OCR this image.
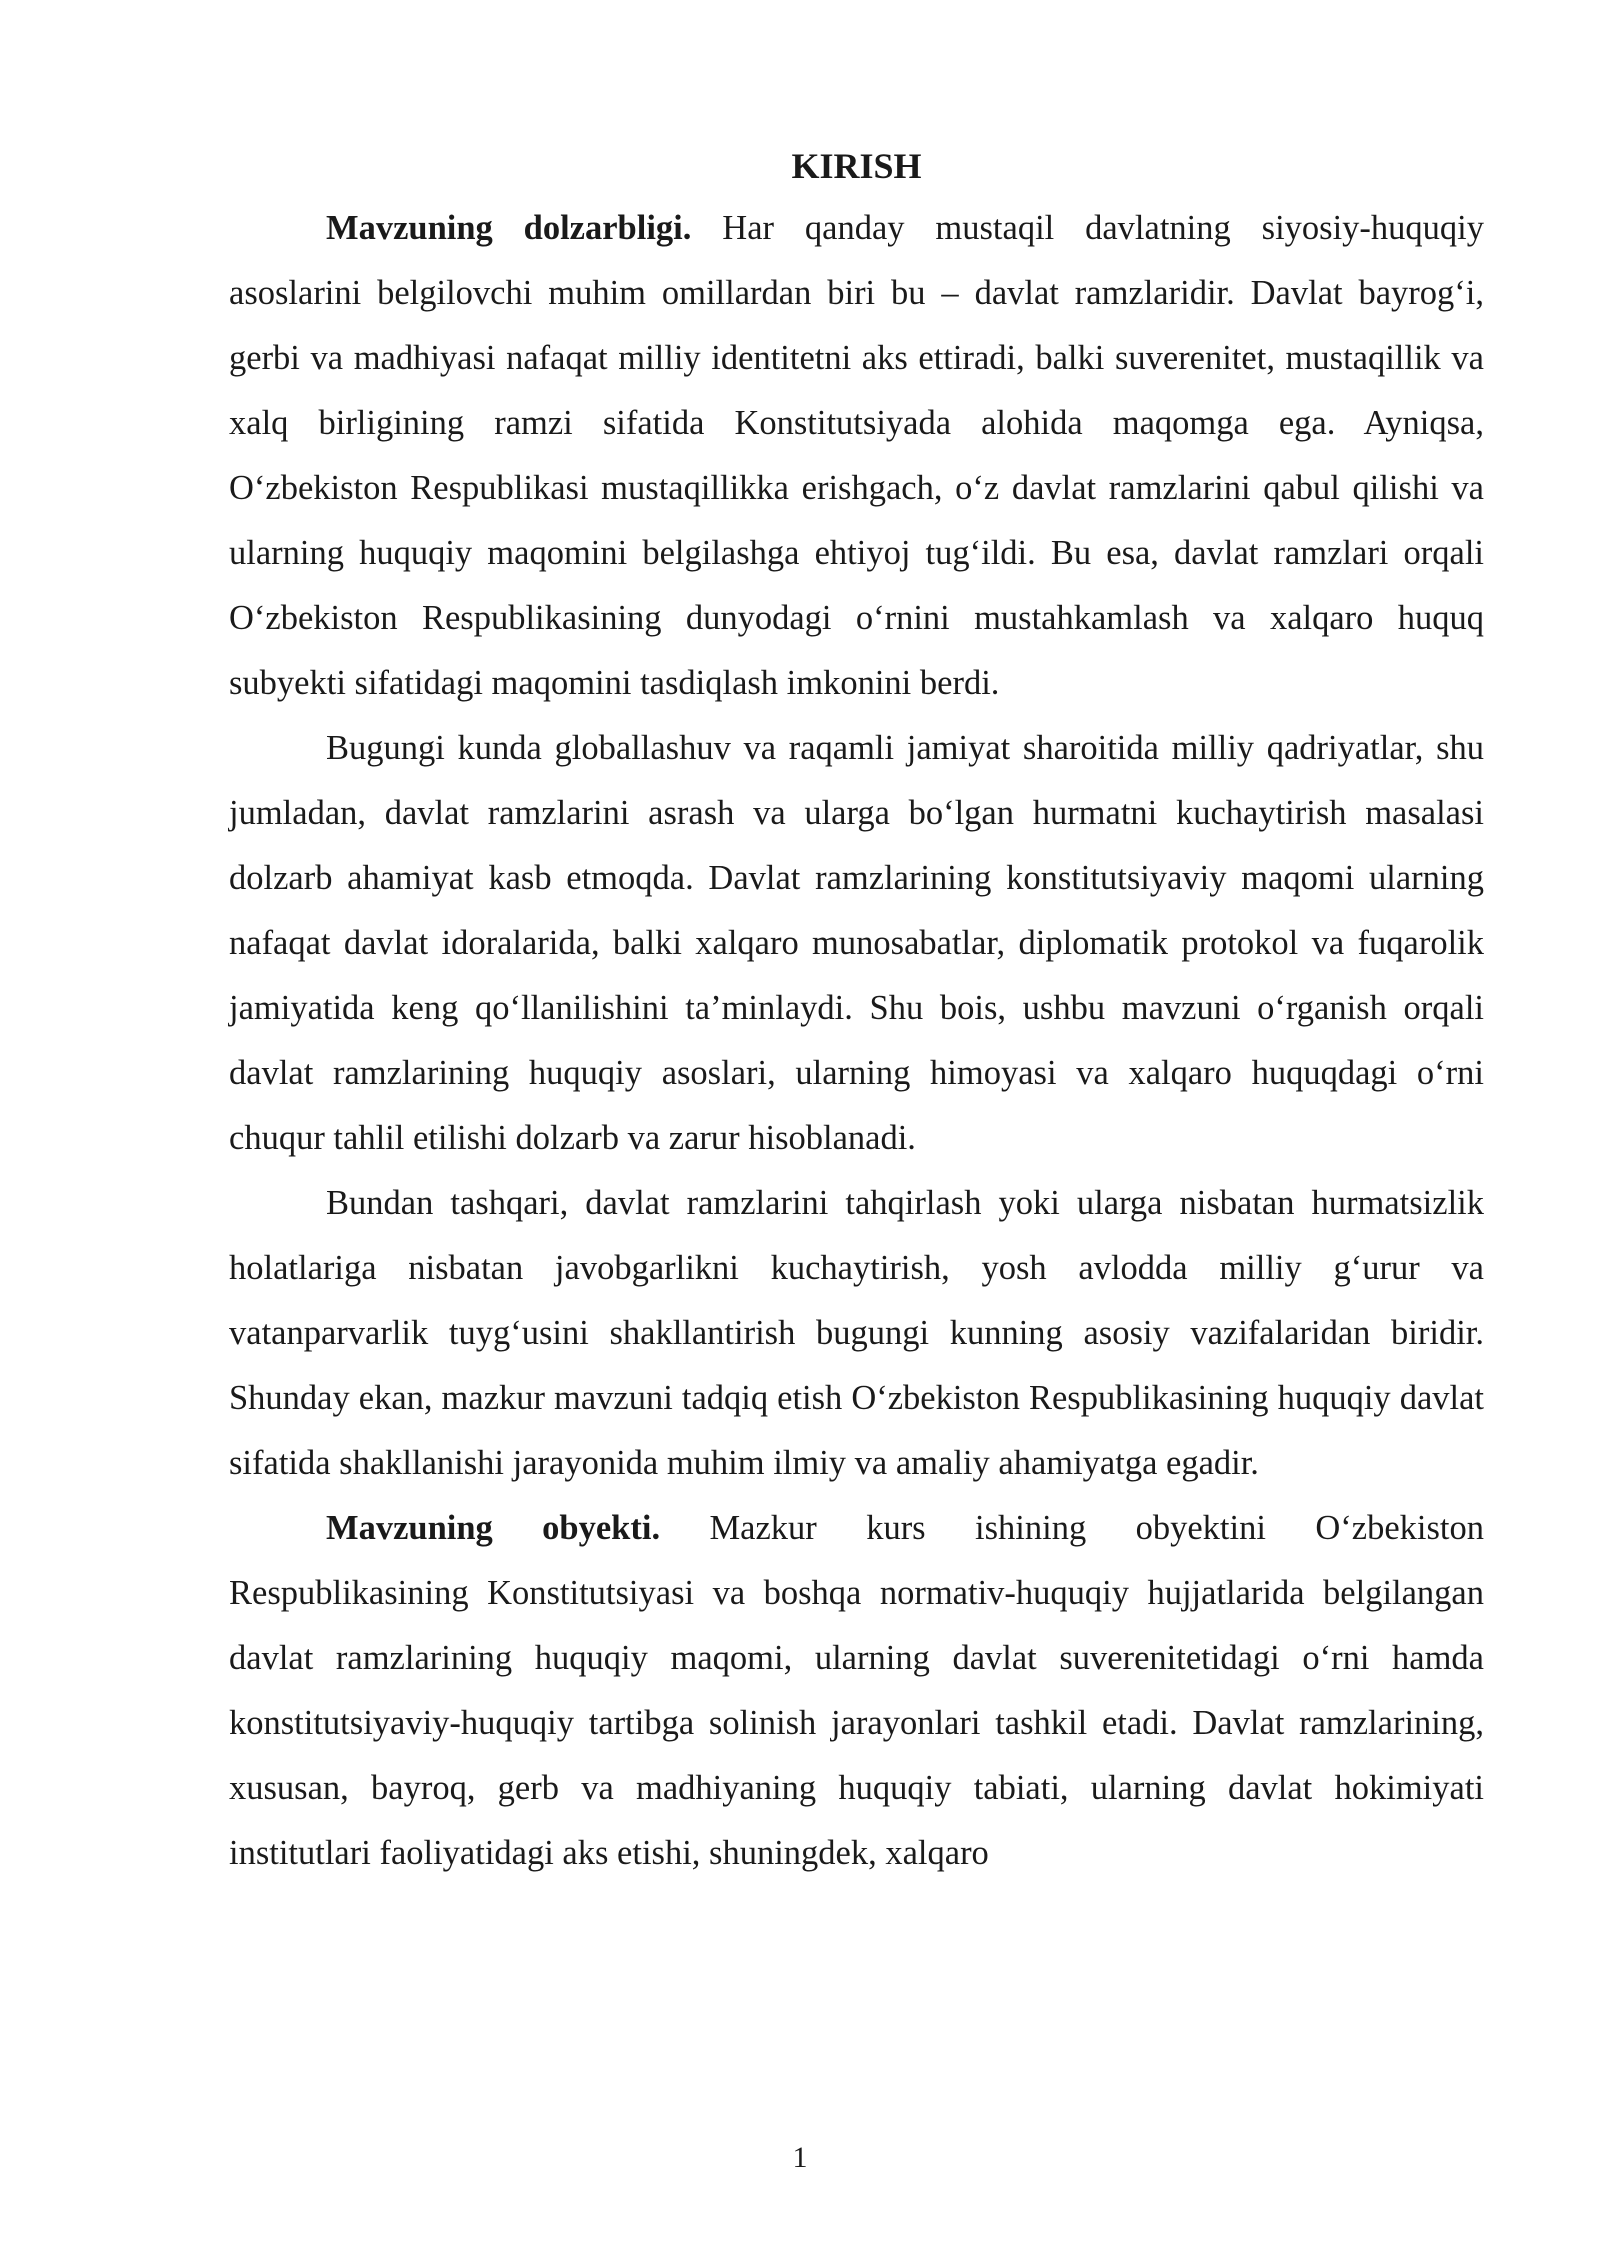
KIRISH

Mavzuning dolzarbligi. Har qanday mustaqil davlatning siyosiy-huquqiy asoslarini belgilovchi muhim omillardan biri bu – davlat ramzlaridir. Davlat bayrog‘i, gerbi va madhiyasi nafaqat milliy identitetni aks ettiradi, balki suverenitet, mustaqillik va xalq birligining ramzi sifatida Konstitutsiyada alohida maqomga ega. Ayniqsa, O‘zbekiston Respublikasi mustaqillikka erishgach, o‘z davlat ramzlarini qabul qilishi va ularning huquqiy maqomini belgilashga ehtiyoj tug‘ildi. Bu esa, davlat ramzlari orqali O‘zbekiston Respublikasining dunyodagi o‘rnini mustahkamlash va xalqaro huquq subyekti sifatidagi maqomini tasdiqlash imkonini berdi.

Bugungi kunda globallashuv va raqamli jamiyat sharoitida milliy qadriyatlar, shu jumladan, davlat ramzlarini asrash va ularga bo‘lgan hurmatni kuchaytirish masalasi dolzarb ahamiyat kasb etmoqda. Davlat ramzlarining konstitutsiyaviy maqomi ularning nafaqat davlat idoralarida, balki xalqaro munosabatlar, diplomatik protokol va fuqarolik jamiyatida keng qo‘llanilishini ta’minlaydi. Shu bois, ushbu mavzuni o‘rganish orqali davlat ramzlarining huquqiy asoslari, ularning himoyasi va xalqaro huquqdagi o‘rni chuqur tahlil etilishi dolzarb va zarur hisoblanadi.

Bundan tashqari, davlat ramzlarini tahqirlash yoki ularga nisbatan hurmatsizlik holatlariga nisbatan javobgarlikni kuchaytirish, yosh avlodda milliy g‘urur va vatanparvarlik tuyg‘usini shakllantirish bugungi kunning asosiy vazifalaridan biridir. Shunday ekan, mazkur mavzuni tadqiq etish O‘zbekiston Respublikasining huquqiy davlat sifatida shakllanishi jarayonida muhim ilmiy va amaliy ahamiyatga egadir.

Mavzuning obyekti. Mazkur kurs ishining obyektini O‘zbekiston Respublikasining Konstitutsiyasi va boshqa normativ-huquqiy hujjatlarida belgilangan davlat ramzlarining huquqiy maqomi, ularning davlat suverenitetidagi o‘rni hamda konstitutsiyaviy-huquqiy tartibga solinish jarayonlari tashkil etadi. Davlat ramzlarining, xususan, bayroq, gerb va madhiyaning huquqiy tabiati, ularning davlat hokimiyati institutlari faoliyatidagi aks etishi, shuningdek, xalqaro

1
